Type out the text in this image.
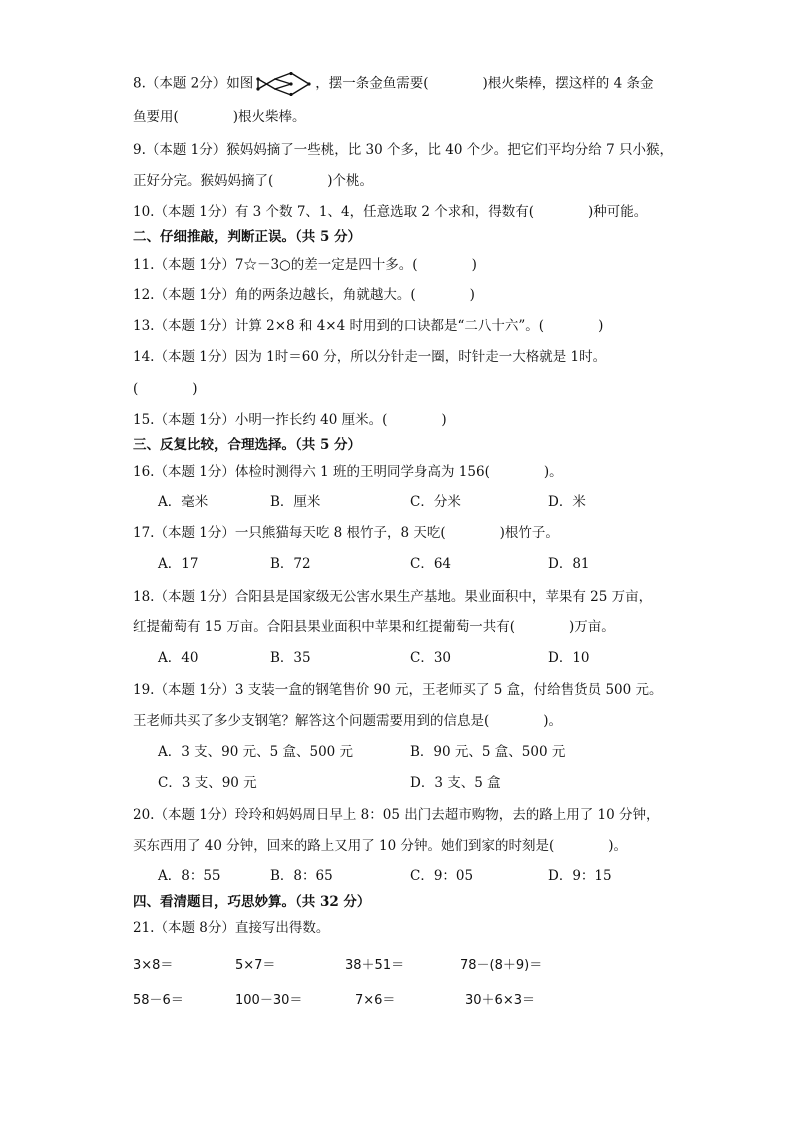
8.（本题 2分）如图	，摆一条金鱼需要(　　　　)根火柴棒，摆这样的 4 条金
鱼要用(　　　　)根火柴棒。
9.（本题 1分）猴妈妈摘了一些桃，比 30 个多，比 40 个少。把它们平均分给 7 只小猴，
正好分完。猴妈妈摘了(　　　　)个桃。
10.（本题 1分）有 3 个数 7、1、4，任意选取 2 个求和，得数有(　　　　)种可能。
二、仔细推敲，判断正误。（共 5 分）
11.（本题 1分）7☆－3○的差一定是四十多。(　　　　)
12.（本题 1分）角的两条边越长，角就越大。(　　　　)
13.（本题 1分）计算 2×8 和 4×4 时用到的口诀都是“二八十六”。(　　　　)
14.（本题 1分）因为 1时＝60 分，所以分针走一圈，时针走一大格就是 1时。
(　　　　)
15.（本题 1分）小明一拃长约 40 厘米。(　　　　)
三、反复比较，合理选择。（共 5 分）
16.（本题 1分）体检时测得六 1 班的王明同学身高为 156(　　　　)。
A．毫米	B．厘米	C．分米	D．米
17.（本题 1分）一只熊猫每天吃 8 根竹子，8 天吃(　　　　)根竹子。
A．17	B．72	C．64	D．81
18.（本题 1分）合阳县是国家级无公害水果生产基地。果业面积中，苹果有 25 万亩，
红提葡萄有 15 万亩。合阳县果业面积中苹果和红提葡萄一共有(　　　　)万亩。
A．40	B．35	C．30	D．10
19.（本题 1分）3 支装一盒的钢笔售价 90 元，王老师买了 5 盒，付给售货员 500 元。
王老师共买了多少支钢笔？解答这个问题需要用到的信息是(　　　　)。
A．3 支、90 元、5 盒、500 元	B．90 元、5 盒、500 元
C．3 支、90 元	D．3 支、5 盒
20.（本题 1分）玲玲和妈妈周日早上 8：05 出门去超市购物，去的路上用了 10 分钟，
买东西用了 40 分钟，回来的路上又用了 10 分钟。她们到家的时刻是(　　　　)。
A．8：55	B．8：65	C．9：05	D．9：15
四、看清题目，巧思妙算。（共 32 分）
21.（本题 8分）直接写出得数。
3×8＝	5×7＝	38＋51＝	78－(8＋9)＝
58－6＝	100－30＝	7×6＝	30＋6×3＝
